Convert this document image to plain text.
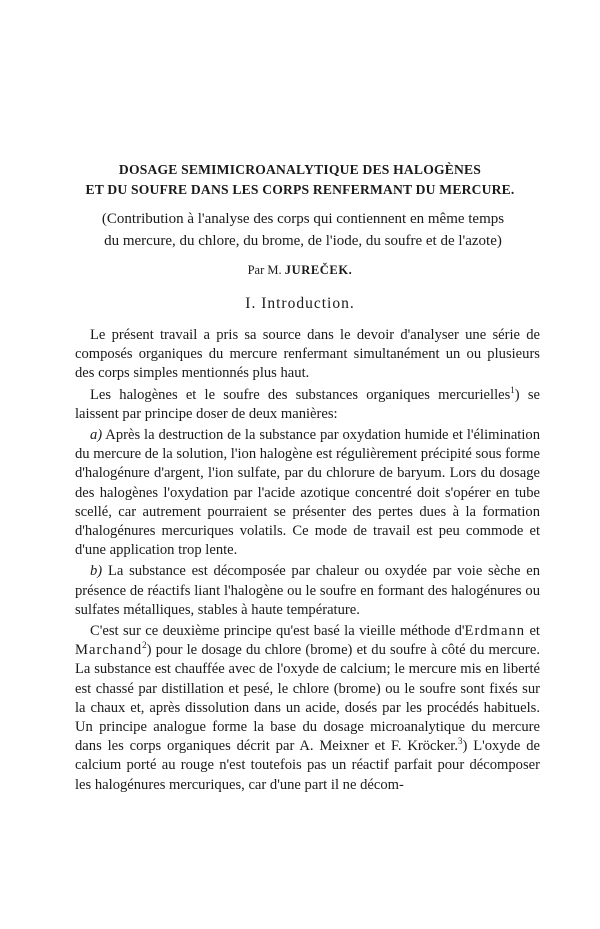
DOSAGE SEMIMICROANALYTIQUE DES HALOGÈNES
ET DU SOUFRE DANS LES CORPS RENFERMANT DU MERCURE.
(Contribution à l'analyse des corps qui contiennent en même temps
du mercure, du chlore, du brome, de l'iode, du soufre et de l'azote)
Par M. JUREČEK.
I. Introduction.

Le présent travail a pris sa source dans le devoir d'analyser une série de composés organiques du mercure renfermant simultanément un ou plusieurs des corps simples mentionnés plus haut.

Les halogènes et le soufre des substances organiques mercurielles$^1$) se laissent par principe doser de deux manières:

a) Après la destruction de la substance par oxydation humide et l'élimination du mercure de la solution, l'ion halogène est régulièrement précipité sous forme d'halogénure d'argent, l'ion sulfate, par du chlorure de baryum. Lors du dosage des halogènes l'oxydation par l'acide azotique concentré doit s'opérer en tube scellé, car autrement pourraient se présenter des pertes dues à la formation d'halogénures mercuriques volatils. Ce mode de travail est peu commode et d'une application trop lente.

b) La substance est décomposée par chaleur ou oxydée par voie sèche en présence de réactifs liant l'halogène ou le soufre en formant des halogénures ou sulfates métalliques, stables à haute température.

C'est sur ce deuxième principe qu'est basé la vieille méthode d'Erdmann et Marchand$^2$) pour le dosage du chlore (brome) et du soufre à côté du mercure. La substance est chauffée avec de l'oxyde de calcium; le mercure mis en liberté est chassé par distillation et pesé, le chlore (brome) ou le soufre sont fixés sur la chaux et, après dissolution dans un acide, dosés par les procédés habituels. Un principe analogue forme la base du dosage microanalytique du mercure dans les corps organiques décrit par A. Meixner et F. Kröcker.$^3$) L'oxyde de calcium porté au rouge n'est toutefois pas un réactif parfait pour décomposer les halogénures mercuriques, car d'une part il ne décom-
